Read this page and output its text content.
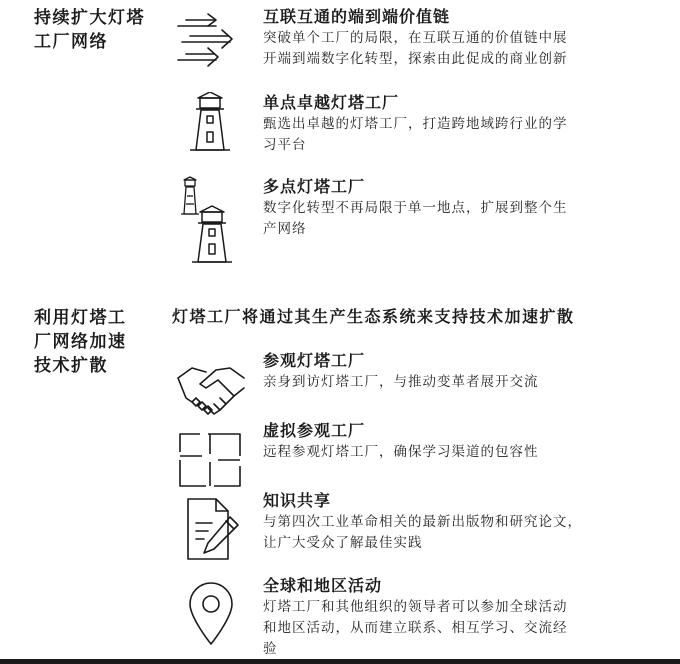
持续扩大灯塔
工厂网络
互联互通的端到端价值链
突破单个工厂的局限，在互联互通的价值链中展
开端到端数字化转型，探索由此促成的商业创新
单点卓越灯塔工厂
甄选出卓越的灯塔工厂，打造跨地域跨行业的学
习平台
多点灯塔工厂
数字化转型不再局限于单一地点，扩展到整个生
产网络
利用灯塔工
厂网络加速
技术扩散
灯塔工厂将通过其生产生态系统来支持技术加速扩散
参观灯塔工厂
亲身到访灯塔工厂，与推动变革者展开交流
虚拟参观工厂
远程参观灯塔工厂，确保学习渠道的包容性
知识共享
与第四次工业革命相关的最新出版物和研究论文，
让广大受众了解最佳实践
全球和地区活动
灯塔工厂和其他组织的领导者可以参加全球活动
和地区活动，从而建立联系、相互学习、交流经
验
